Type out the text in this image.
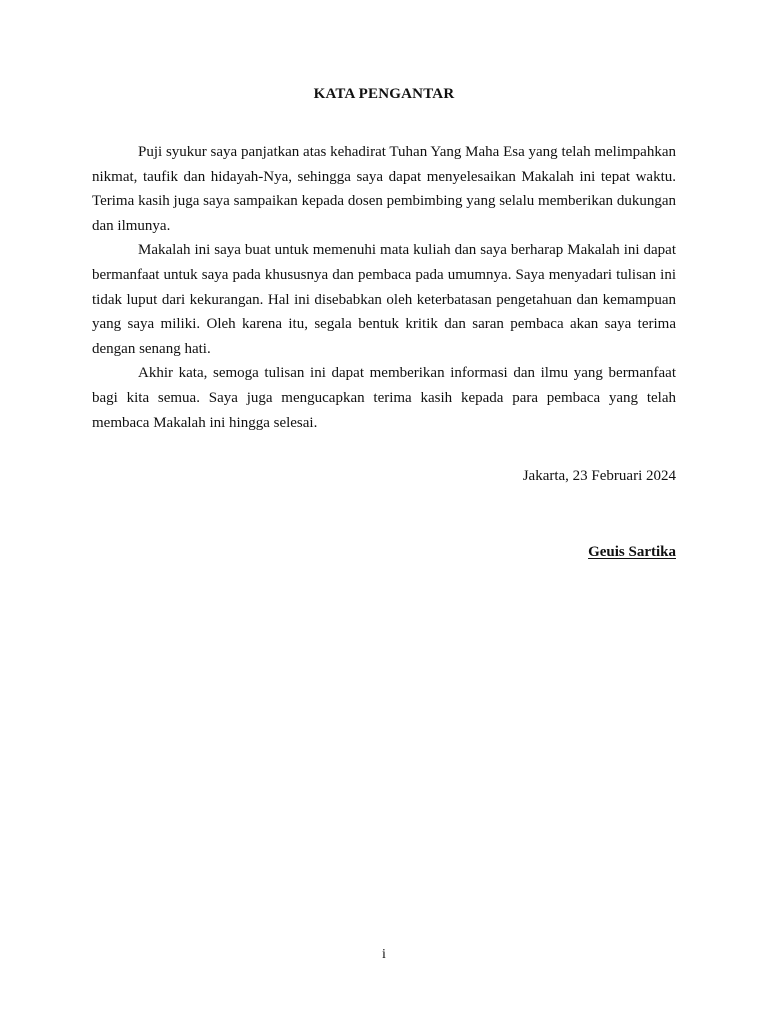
KATA PENGANTAR

Puji syukur saya panjatkan atas kehadirat Tuhan Yang Maha Esa yang telah melimpahkan nikmat, taufik dan hidayah-Nya, sehingga saya dapat menyelesaikan Makalah ini tepat waktu. Terima kasih juga saya sampaikan kepada dosen pembimbing yang selalu memberikan dukungan dan ilmunya.

Makalah ini saya buat untuk memenuhi mata kuliah dan saya berharap Makalah ini dapat bermanfaat untuk saya pada khususnya dan pembaca pada umumnya. Saya menyadari tulisan ini tidak luput dari kekurangan. Hal ini disebabkan oleh keterbatasan pengetahuan dan kemampuan yang saya miliki. Oleh karena itu, segala bentuk kritik dan saran pembaca akan saya terima dengan senang hati.

Akhir kata, semoga tulisan ini dapat memberikan informasi dan ilmu yang bermanfaat bagi kita semua. Saya juga mengucapkan terima kasih kepada para pembaca yang telah membaca Makalah ini hingga selesai.

Jakarta, 23 Februari 2024
Geuis Sartika
i
